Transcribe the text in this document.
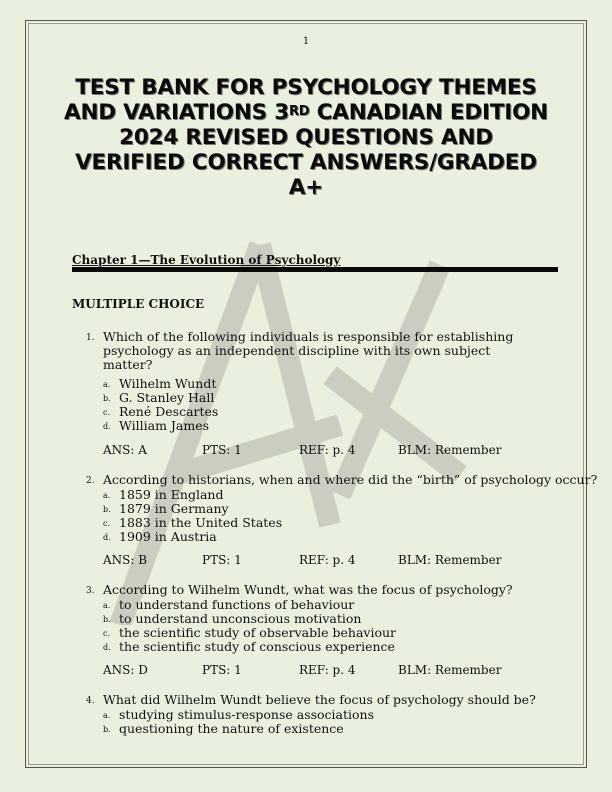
1
TEST BANK FOR PSYCHOLOGY THEMES
AND VARIATIONS 3RD CANADIAN EDITION
2024 REVISED QUESTIONS AND
VERIFIED CORRECT ANSWERS/GRADED
A+
Chapter 1—The Evolution of Psychology
MULTIPLE CHOICE
1. Which of the following individuals is responsible for establishing
psychology as an independent discipline with its own subject
matter?
a. Wilhelm Wundt
b. G. Stanley Hall
c. René Descartes
d. William James
ANS: A	PTS: 1	REF: p. 4	BLM: Remember
2. According to historians, when and where did the “birth” of psychology occur?
a. 1859 in England
b. 1879 in Germany
c. 1883 in the United States
d. 1909 in Austria
ANS: B	PTS: 1	REF: p. 4	BLM: Remember
3. According to Wilhelm Wundt, what was the focus of psychology?
a. to understand functions of behaviour
b. to understand unconscious motivation
c. the scientific study of observable behaviour
d. the scientific study of conscious experience
ANS: D	PTS: 1	REF: p. 4	BLM: Remember
4. What did Wilhelm Wundt believe the focus of psychology should be?
a. studying stimulus-response associations
b. questioning the nature of existence
